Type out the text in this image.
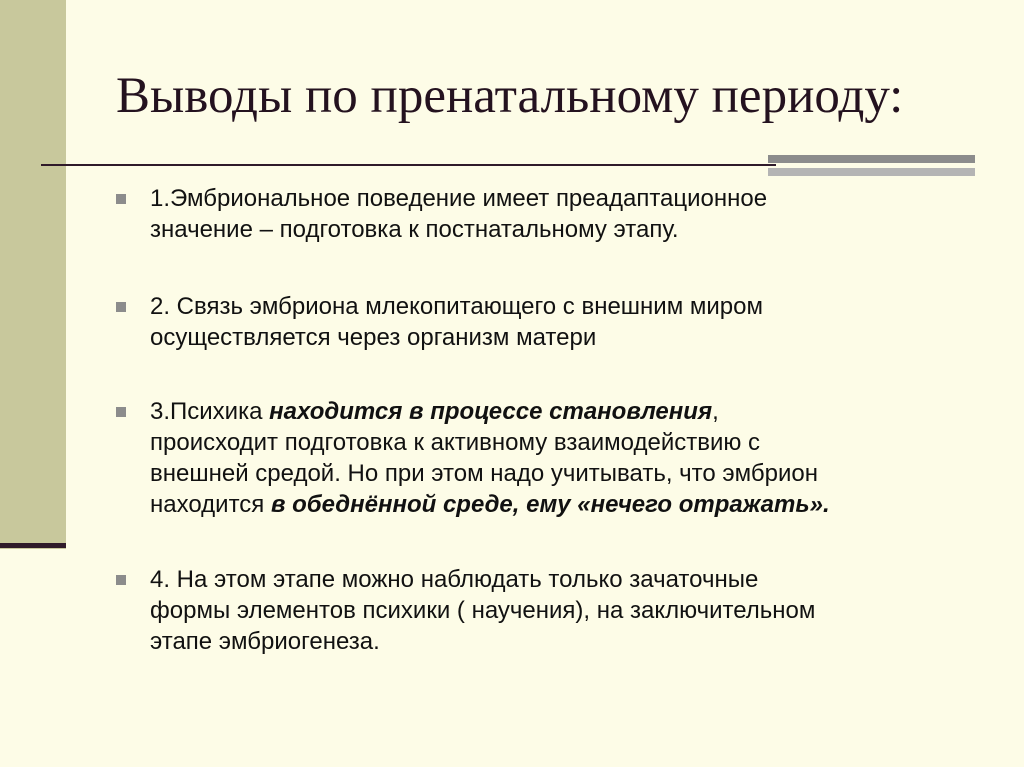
Выводы по пренатальному периоду:

1.Эмбриональное поведение имеет преадаптационное

значение – подготовка к постнатальному этапу.

2. Связь эмбриона млекопитающего с внешним миром

осуществляется через организм матери

3.Психика находится в процессе становления,

происходит подготовка к активному взаимодействию с

внешней средой. Но при этом надо учитывать, что эмбрион

находится в обеднённой среде, ему «нечего отражать».

4. На этом этапе можно наблюдать только зачаточные

формы элементов психики ( научения), на заключительном

этапе эмбриогенеза.
